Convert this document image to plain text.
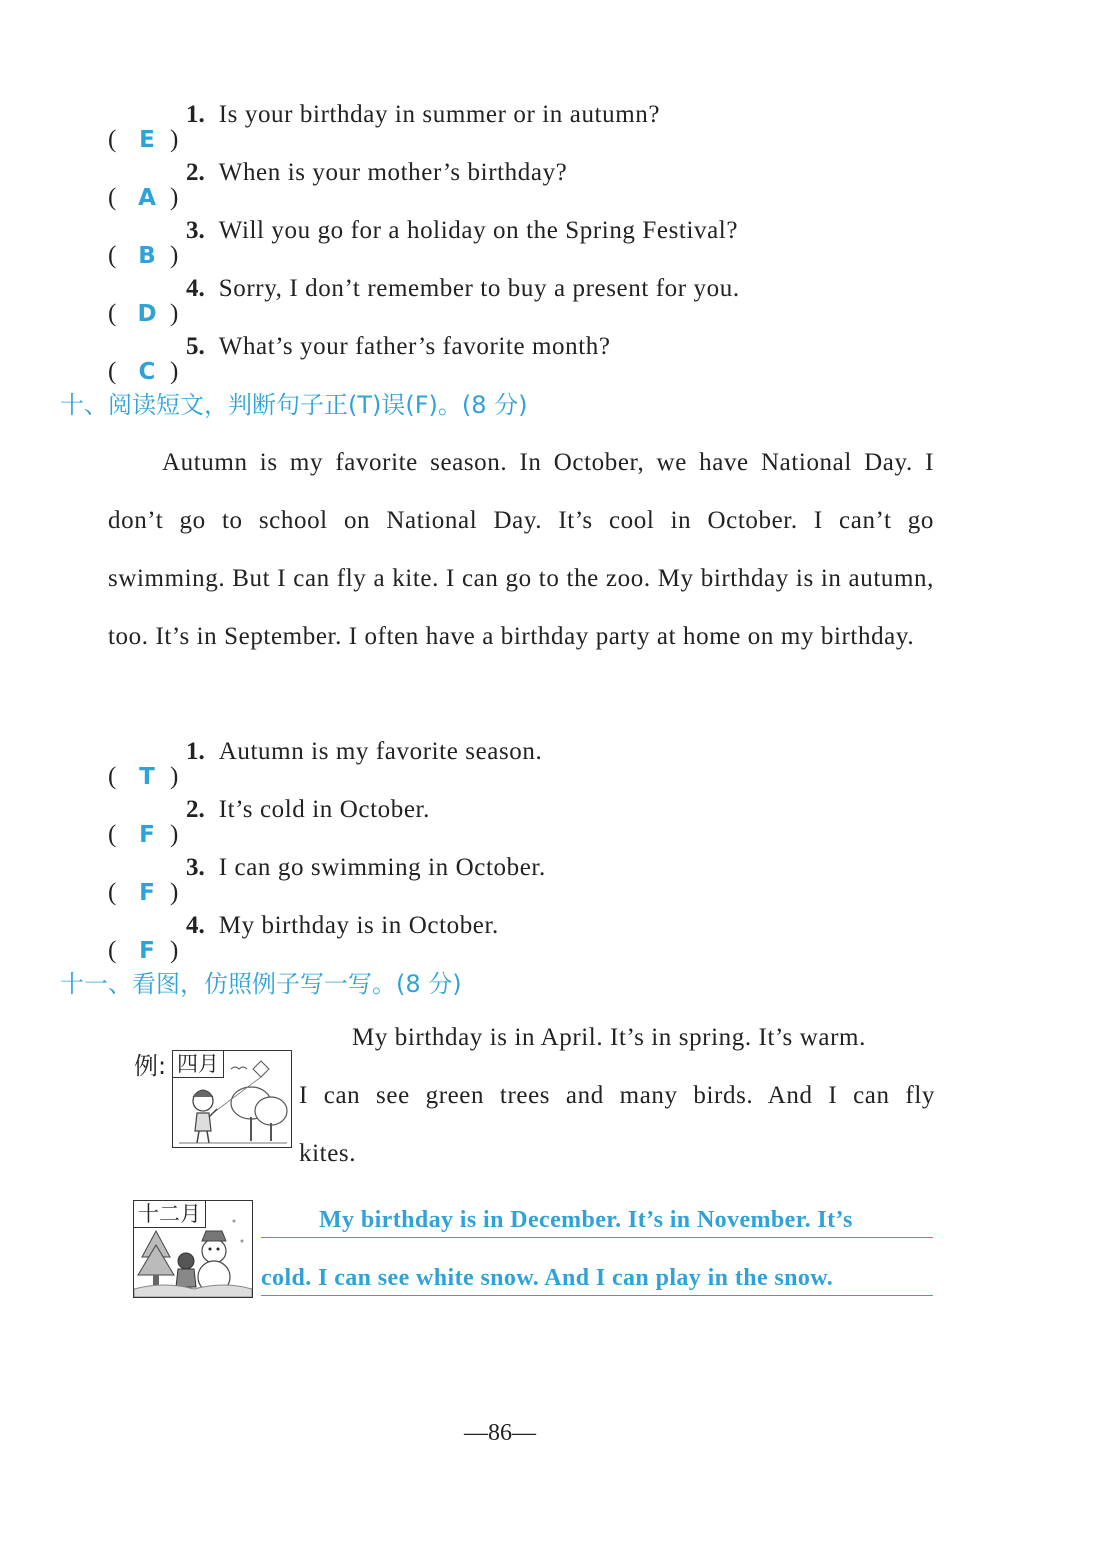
( E )
1. Is your birthday in summer or in autumn?
( A )
2. When is your mother’s birthday?
( B )
3. Will you go for a holiday on the Spring Festival?
( D )
4. Sorry, I don’t remember to buy a present for you.
( C )
5. What’s your father’s favorite month?
十、阅读短文，判断句子正(T)误(F)。(8 分)
Autumn is my favorite season. In October, we have National Day. I don’t go to school on National Day. It’s cool in October. I can’t go swimming. But I can fly a kite. I can go to the zoo. My birthday is in autumn, too. It’s in September. I often have a birthday party at home on my birthday.
( T )
1. Autumn is my favorite season.
( F )
2. It’s cold in October.
( F )
3. I can go swimming in October.
( F )
4. My birthday is in October.
十一、看图，仿照例子写一写。(8 分)
例: 四月
My birthday is in April. It’s in spring. It’s warm.
I can see green trees and many birds. And I can fly
kites.
十二月	My birthday is in December. It’s in November. It’s
cold. I can see white snow. And I can play in the snow.
—86—
